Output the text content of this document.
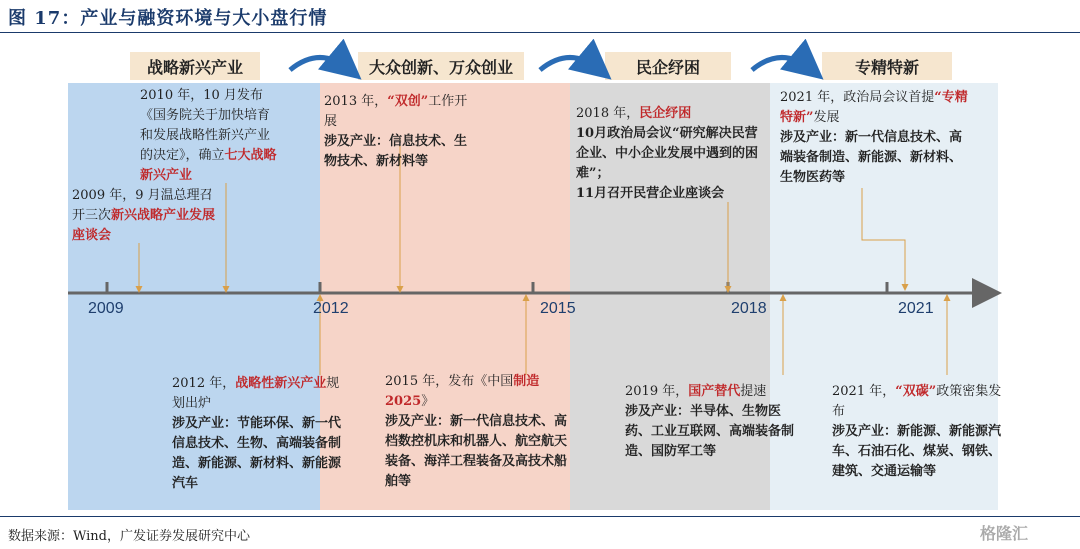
图 17：产业与融资环境与大小盘行情
战略新兴产业	大众创新、万众创业	民企纾困	专精特新
2009	2012	2015	2018	2021
2010 年，10 月发布《国务院关于加快培育和发展战略性新兴产业的决定》，确立七大战略新兴产业
2009 年，9 月温总理召开三次新兴战略产业发展座谈会
2013 年，“双创”工作开展
涉及产业：信息技术、生物技术、新材料等
2018 年，民企纾困
10月政治局会议“研究解决民营企业、中小企业发展中遇到的困难”；
11月召开民营企业座谈会
2021 年，政治局会议首提“专精特新”发展
涉及产业：新一代信息技术、高端装备制造、新能源、新材料、生物医药等
2012 年，战略性新兴产业规划出炉
涉及产业：节能环保、新一代信息技术、生物、高端装备制造、新能源、新材料、新能源汽车
2015 年，发布《中国制造 2025》
涉及产业：新一代信息技术、高档数控机床和机器人、航空航天装备、海洋工程装备及高技术船舶等
2019 年，国产替代提速
涉及产业：半导体、生物医药、工业互联网、高端装备制造、国防军工等
2021 年，“双碳”政策密集发布
涉及产业：新能源、新能源汽车、石油石化、煤炭、钢铁、建筑、交通运输等
数据来源：Wind，广发证券发展研究中心	格隆汇
